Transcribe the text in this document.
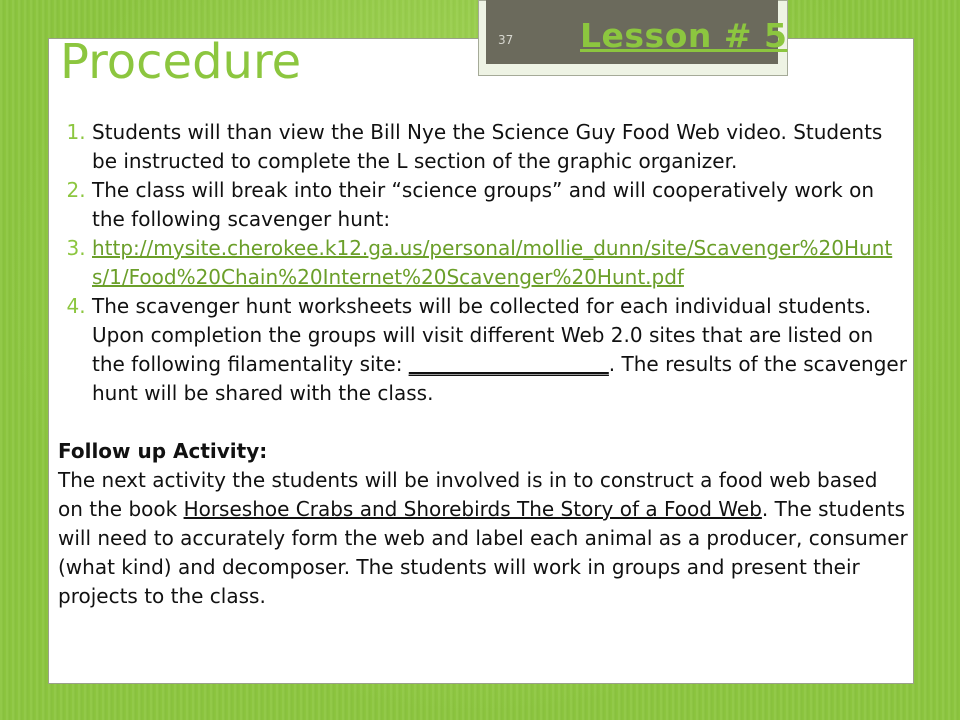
37 Lesson # 5
Procedure
1. Students will than view the Bill Nye the Science Guy Food Web video. Students be instructed to complete the L section of the graphic organizer.
2. The class will break into their “science groups” and will cooperatively work on the following scavenger hunt:
3. http://mysite.cherokee.k12.ga.us/personal/mollie_dunn/site/Scavenger%20Hunts/1/Food%20Chain%20Internet%20Scavenger%20Hunt.pdf
4. The scavenger hunt worksheets will be collected for each individual students. Upon completion the groups will visit different Web 2.0 sites that are listed on the following filamentality site: ____________________. The results of the scavenger hunt will be shared with the class.
Follow up Activity:
The next activity the students will be involved is in to construct a food web based on the book Horseshoe Crabs and Shorebirds The Story of a Food Web. The students will need to accurately form the web and label each animal as a producer, consumer (what kind) and decomposer. The students will work in groups and present their projects to the class.
